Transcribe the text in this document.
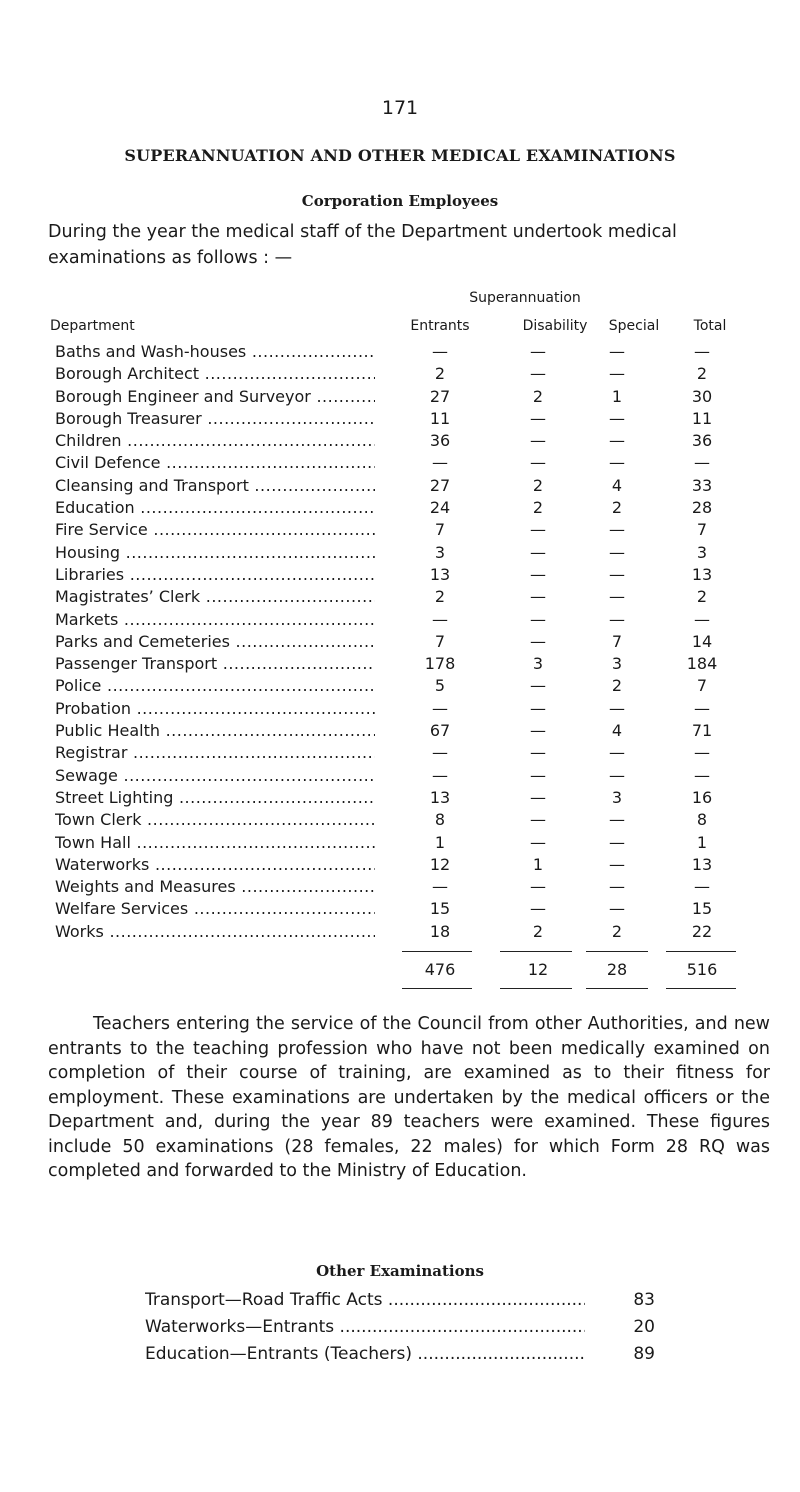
171
SUPERANNUATION AND OTHER MEDICAL EXAMINATIONS
Corporation Employees
During the year the medical staff of the Department undertook medical examinations as follows : —
Superannuation
Department	Entrants	Disability	Special	Total
Baths and Wash-houses .....	—	—	—	—
Borough Architect .....	2	—	—	2
Borough Engineer and Surveyor .....	27	2	1	30
Borough Treasurer .....	11	—	—	11
Children .....	36	—	—	36
Civil Defence .....	—	—	—	—
Cleansing and Transport .....	27	2	4	33
Education .....	24	2	2	28
Fire Service .....	7	—	—	7
Housing .....	3	—	—	3
Libraries .....	13	—	—	13
Magistrates’ Clerk .....	2	—	—	2
Markets .....	—	—	—	—
Parks and Cemeteries .....	7	—	7	14
Passenger Transport .....	178	3	3	184
Police .....	5	—	2	7
Probation .....	—	—	—	—
Public Health .....	67	—	4	71
Registrar .....	—	—	—	—
Sewage .....	—	—	—	—
Street Lighting .....	13	—	3	16
Town Clerk .....	8	—	—	8
Town Hall .....	1	—	—	1
Waterworks .....	12	1	—	13
Weights and Measures .....	—	—	—	—
Welfare Services .....	15	—	—	15
Works .....	18	2	2	22
476	12	28	516

Teachers entering the service of the Council from other Authorities, and new entrants to the teaching profession who have not been medically examined on completion of their course of training, are examined as to their fitness for employment. These examinations are undertaken by the medical officers or the Department and, during the year 89 teachers were examined. These figures include 50 examinations (28 females, 22 males) for which Form 28 RQ was completed and forwarded to the Ministry of Education.

Other Examinations
Transport—Road Traffic Acts .....	83
Waterworks—Entrants .....	20
Education—Entrants (Teachers) .....	89
